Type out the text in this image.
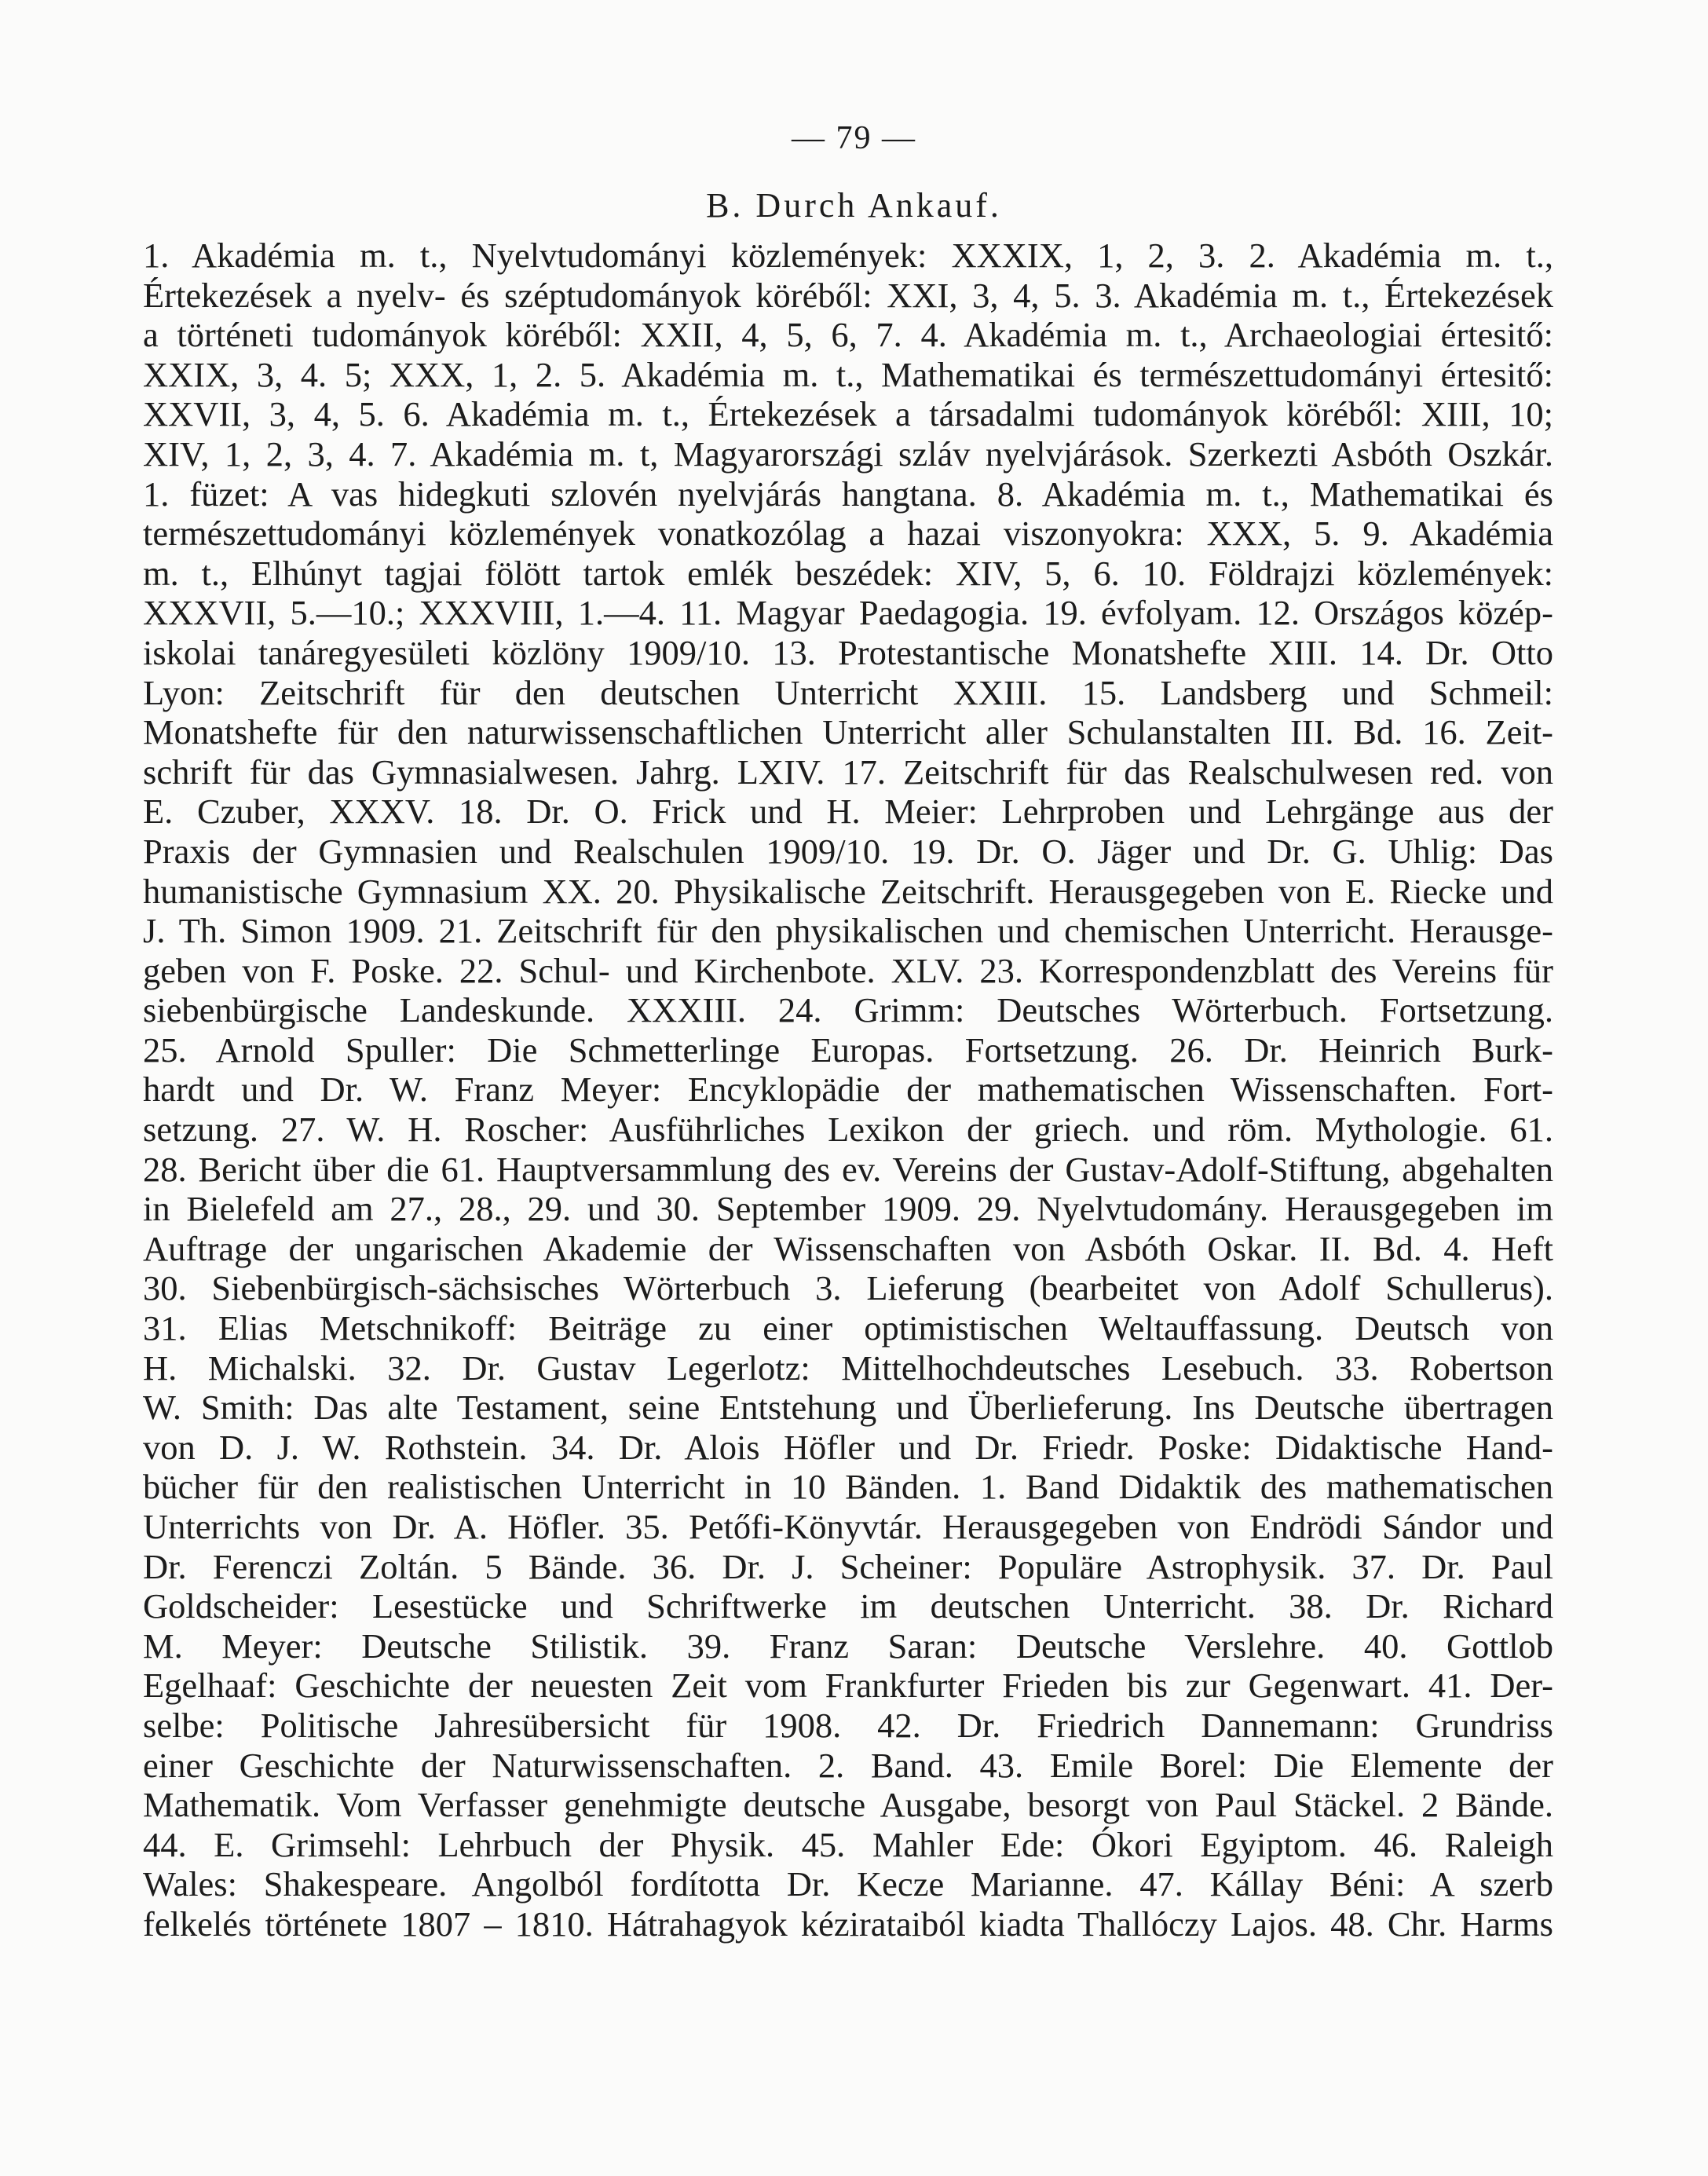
— 79 —
B. Durch Ankauf.
1. Akadémia m. t., Nyelvtudományi közlemények: XXXIX, 1, 2, 3. 2. Akadémia m. t.,
Értekezések a nyelv- és széptudományok köréből: XXI, 3, 4, 5. 3. Akadémia m. t., Értekezések
a történeti tudományok köréből: XXII, 4, 5, 6, 7. 4. Akadémia m. t., Archaeologiai értesitő:
XXIX, 3, 4. 5; XXX, 1, 2. 5. Akadémia m. t., Mathematikai és természettudományi értesitő:
XXVII, 3, 4, 5. 6. Akadémia m. t., Értekezések a társadalmi tudományok köréből: XIII, 10;
XIV, 1, 2, 3, 4. 7. Akadémia m. t, Magyarországi szláv nyelvjárások. Szerkezti Asbóth Oszkár.
1. füzet: A vas hidegkuti szlovén nyelvjárás hangtana. 8. Akadémia m. t., Mathematikai és
természettudományi közlemények vonatkozólag a hazai viszonyokra: XXX, 5. 9. Akadémia
m. t., Elhúnyt tagjai fölött tartok emlék beszédek: XIV, 5, 6. 10. Földrajzi közlemények:
XXXVII, 5.—10.; XXXVIII, 1.—4. 11. Magyar Paedagogia. 19. évfolyam. 12. Országos közép-
iskolai tanáregyesületi közlöny 1909/10. 13. Protestantische Monatshefte XIII. 14. Dr. Otto
Lyon: Zeitschrift für den deutschen Unterricht XXIII. 15. Landsberg und Schmeil:
Monatshefte für den naturwissenschaftlichen Unterricht aller Schulanstalten III. Bd. 16. Zeit-
schrift für das Gymnasialwesen. Jahrg. LXIV. 17. Zeitschrift für das Realschulwesen red. von
E. Czuber, XXXV. 18. Dr. O. Frick und H. Meier: Lehrproben und Lehrgänge aus der
Praxis der Gymnasien und Realschulen 1909/10. 19. Dr. O. Jäger und Dr. G. Uhlig: Das
humanistische Gymnasium XX. 20. Physikalische Zeitschrift. Herausgegeben von E. Riecke und
J. Th. Simon 1909. 21. Zeitschrift für den physikalischen und chemischen Unterricht. Herausge-
geben von F. Poske. 22. Schul- und Kirchenbote. XLV. 23. Korrespondenzblatt des Vereins für
siebenbürgische Landeskunde. XXXIII. 24. Grimm: Deutsches Wörterbuch. Fortsetzung.
25. Arnold Spuller: Die Schmetterlinge Europas. Fortsetzung. 26. Dr. Heinrich Burk-
hardt und Dr. W. Franz Meyer: Encyklopädie der mathematischen Wissenschaften. Fort-
setzung. 27. W. H. Roscher: Ausführliches Lexikon der griech. und röm. Mythologie. 61.
28. Bericht über die 61. Hauptversammlung des ev. Vereins der Gustav-Adolf-Stiftung, abgehalten
in Bielefeld am 27., 28., 29. und 30. September 1909. 29. Nyelvtudomány. Herausgegeben im
Auftrage der ungarischen Akademie der Wissenschaften von Asbóth Oskar. II. Bd. 4. Heft
30. Siebenbürgisch-sächsisches Wörterbuch 3. Lieferung (bearbeitet von Adolf Schullerus).
31. Elias Metschnikoff: Beiträge zu einer optimistischen Weltauffassung. Deutsch von
H. Michalski. 32. Dr. Gustav Legerlotz: Mittelhochdeutsches Lesebuch. 33. Robertson
W. Smith: Das alte Testament, seine Entstehung und Überlieferung. Ins Deutsche übertragen
von D. J. W. Rothstein. 34. Dr. Alois Höfler und Dr. Friedr. Poske: Didaktische Hand-
bücher für den realistischen Unterricht in 10 Bänden. 1. Band Didaktik des mathematischen
Unterrichts von Dr. A. Höfler. 35. Petőfi-Könyvtár. Herausgegeben von Endrödi Sándor und
Dr. Ferenczi Zoltán. 5 Bände. 36. Dr. J. Scheiner: Populäre Astrophysik. 37. Dr. Paul
Goldscheider: Lesestücke und Schriftwerke im deutschen Unterricht. 38. Dr. Richard
M. Meyer: Deutsche Stilistik. 39. Franz Saran: Deutsche Verslehre. 40. Gottlob
Egelhaaf: Geschichte der neuesten Zeit vom Frankfurter Frieden bis zur Gegenwart. 41. Der-
selbe: Politische Jahresübersicht für 1908. 42. Dr. Friedrich Dannemann: Grundriss
einer Geschichte der Naturwissenschaften. 2. Band. 43. Emile Borel: Die Elemente der
Mathematik. Vom Verfasser genehmigte deutsche Ausgabe, besorgt von Paul Stäckel. 2 Bände.
44. E. Grimsehl: Lehrbuch der Physik. 45. Mahler Ede: Ókori Egyiptom. 46. Raleigh
Wales: Shakespeare. Angolból fordította Dr. Kecze Marianne. 47. Kállay Béni: A szerb
felkelés története 1807 – 1810. Hátrahagyok kézirataiból kiadta Thallóczy Lajos. 48. Chr. Harms
